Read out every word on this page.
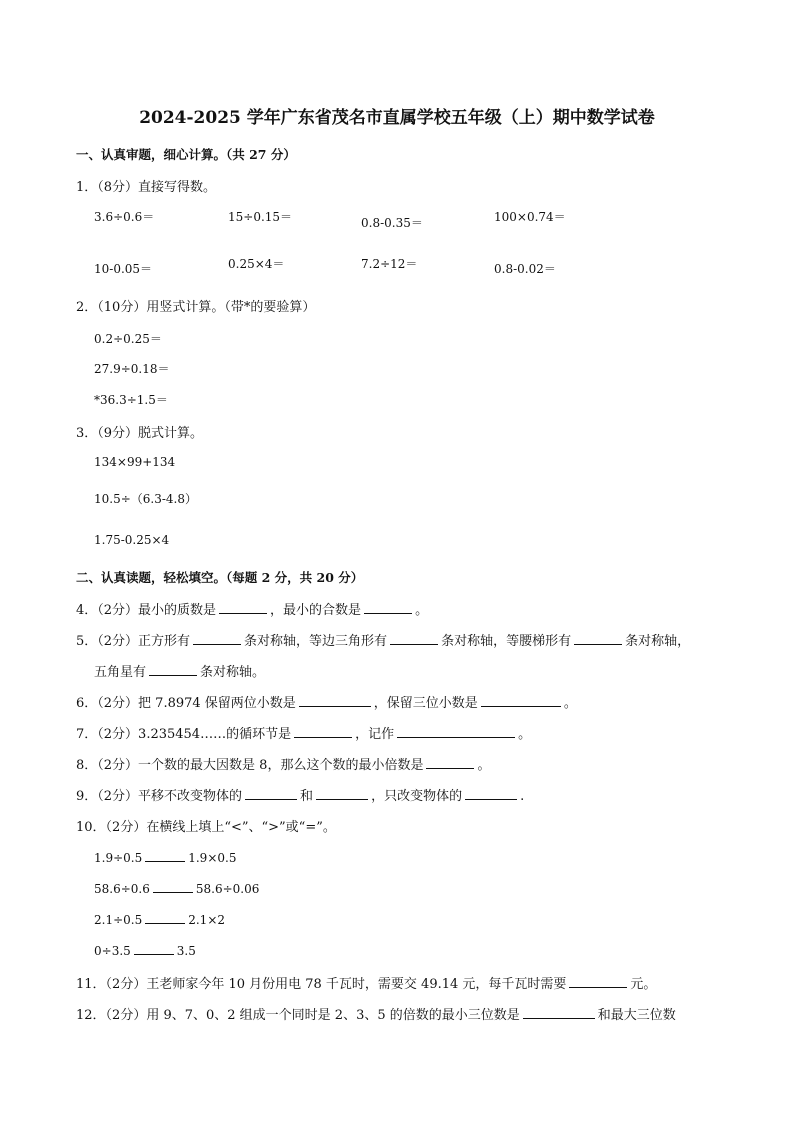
2024-2025 学年广东省茂名市直属学校五年级（上）期中数学试卷
一、认真审题，细心计算。（共 27 分）
1．（8分）直接写得数。
3.6÷0.6＝	15÷0.15＝	0.8-0.35＝	100×0.74＝
10-0.05＝	0.25×4＝	7.2÷12＝	0.8-0.02＝
2．（10分）用竖式计算。（带*的要验算）
0.2÷0.25＝
27.9÷0.18＝
*36.3÷1.5＝
3．（9分）脱式计算。
134×99+134
10.5÷（6.3-4.8）
1.75-0.25×4
二、认真读题，轻松填空。（每题 2 分，共 20 分）
4．（2分）最小的质数是	，最小的合数是	。
5．（2分）正方形有	条对称轴，等边三角形有	条对称轴，等腰梯形有	条对称轴，
五角星有	条对称轴。
6．（2分）把 7.8974 保留两位小数是	，保留三位小数是	。
7．（2分）3.235454……的循环节是	，记作	。
8．（2分）一个数的最大因数是 8，那么这个数的最小倍数是	。
9．（2分）平移不改变物体的	和	，只改变物体的	.
10．（2分）在横线上填上“<”、“>”或“=”。
1.9÷0.5	1.9×0.5
58.6÷0.6	58.6÷0.06
2.1÷0.5	2.1×2
0÷3.5	3.5
11．（2分）王老师家今年 10 月份用电 78 千瓦时，需要交 49.14 元，每千瓦时需要	元。
12．（2分）用 9、7、0、2 组成一个同时是 2、3、5 的倍数的最小三位数是	和最大三位数
